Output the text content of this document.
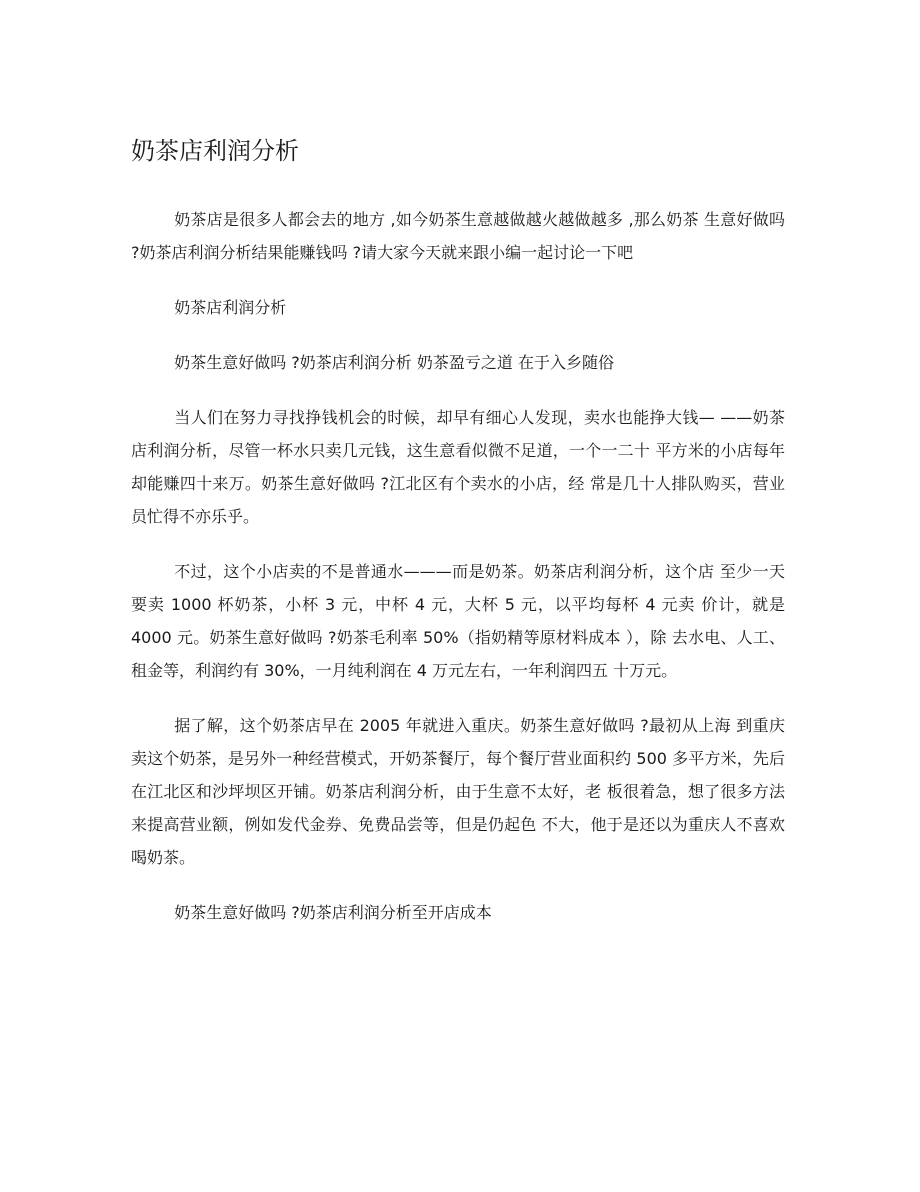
奶茶店利润分析

奶茶店是很多人都会去的地方 ,如今奶茶生意越做越火越做越多 ,那么奶茶 生意好做吗 ?奶茶店利润分析结果能赚钱吗 ?请大家今天就来跟小编一起讨论一下吧

奶茶店利润分析

奶茶生意好做吗 ?奶茶店利润分析 奶茶盈亏之道 在于入乡随俗

当人们在努力寻找挣钱机会的时候，却早有细心人发现，卖水也能挣大钱— ——奶茶店利润分析，尽管一杯水只卖几元钱，这生意看似微不足道，一个一二十 平方米的小店每年却能赚四十来万。奶茶生意好做吗 ?江北区有个卖水的小店，经 常是几十人排队购买，营业员忙得不亦乐乎。

不过，这个小店卖的不是普通水———而是奶茶。奶茶店利润分析，这个店 至少一天要卖 1000 杯奶茶，小杯 3 元，中杯 4 元，大杯 5 元，以平均每杯 4 元卖 价计，就是 4000 元。奶茶生意好做吗 ?奶茶毛利率 50%（指奶精等原材料成本 ），除 去水电、人工、租金等，利润约有 30%，一月纯利润在 4 万元左右，一年利润四五 十万元。

据了解，这个奶茶店早在 2005 年就进入重庆。奶茶生意好做吗 ?最初从上海 到重庆卖这个奶茶，是另外一种经营模式，开奶茶餐厅，每个餐厅营业面积约 500 多平方米，先后在江北区和沙坪坝区开铺。奶茶店利润分析，由于生意不太好，老 板很着急，想了很多方法来提高营业额，例如发代金券、免费品尝等，但是仍起色 不大，他于是还以为重庆人不喜欢喝奶茶。

奶茶生意好做吗 ?奶茶店利润分析至开店成本
